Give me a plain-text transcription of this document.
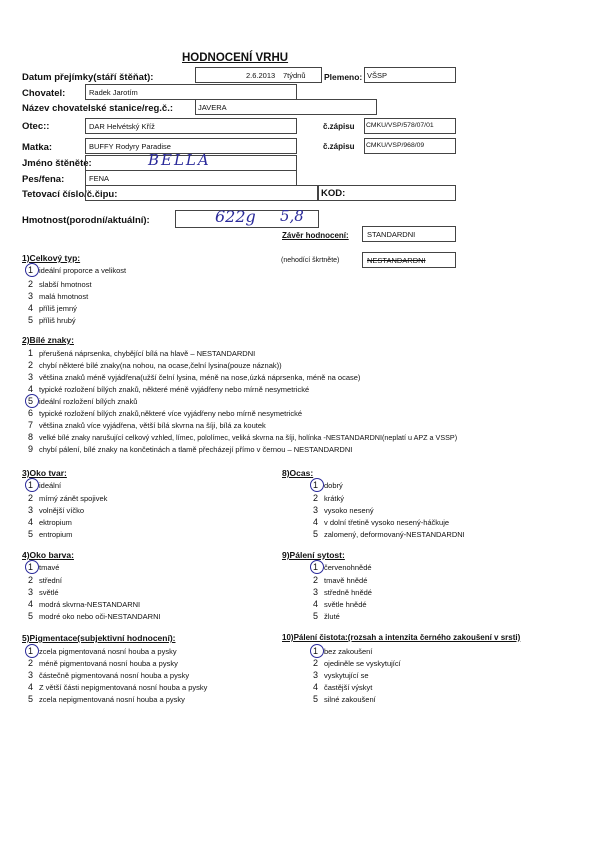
HODNOCENÍ VRHU
Datum přejímky(stáří štěňat):	2.6.2013 7týdnů Plemeno: VŠSP
Chovatel:	Radek Jarotím
Název chovatelské stanice/reg.č.:	JAVERA
Otec::	DAR Helvétský Kříž	č.zápisu CMKU/VSP/578/07/01
Matka:	BUFFY Rodyry Paradise	č.zápisu CMKU/VSP/968/09
Jméno štěněte:	BELLA
Pes/fena:	FENA
Tetovací číslo/č.čipu:	KOD:
Hmotnost(porodní/aktuální):	622g 5,8
Závěr hodnocení: STANDARDNI
(nehodící škrtněte)	NESTANDARDNI
1)Celkový typ:
1 ideální proporce a velikost
2 slabší hmotnost
3 malá hmotnost
4 příliš jemný
5 příliš hrubý
2)Bílé znaky:
1 přerušená náprsenka, chybějící bílá na hlavě – NESTANDARDNI
2 chybí některé bílé znaky(na nohou, na ocase,čelní lysina(pouze náznak))
3 většina znaků méně vyjádřena(užší čelní lysina, méně na nose,úzká náprsenka, méně na ocase)
4 typické rozložení bílých znaků, některé méně vyjádřeny nebo mírně nesymetrické
5 ideální rozložení bílých znaků
6 typické rozložení bílých znaků,některé více vyjádřeny nebo mírně nesymetrické
7 většina znaků více vyjádřena, větší bílá skvrna na šíji, bílá za koutek
8 velké bílé znaky narušující celkový vzhled, límec, pololímec, veliká skvrna na šíji, holínka -NESTANDARDNI(neplatí u APZ a VSSP)
9 chybí pálení, bílé znaky na končetinách a tlamě přecházejí přímo v černou – NESTANDARDNI
3)Oko tvar:
1 ideální
2 mírný zánět spojivek
3 volnější víčko
4 ektropium
5 entropium
8)Ocas:
1 dobrý
2 krátký
3 vysoko nesený
4 v dolní třetině vysoko nesený-háčkuje
5 zalomený, deformovaný-NESTANDARDNI
4)Oko barva:
1 tmavé
2 střední
3 světlé
4 modrá skvrna-NESTANDARNI
5 modré oko nebo oči-NESTANDARNI
9)Pálení sytost:
1 červenohnědé
2 tmavě hnědé
3 středně hnědé
4 světle hnědé
5 žluté
5)Pigmentace(subjektivní hodnocení):
1 zcela pigmentovaná nosní houba a pysky
2 méně pigmentovaná nosní houba a pysky
3 částečně pigmentovaná nosní houba a pysky
4 Z větší části nepigmentovaná nosní houba a pysky
5 zcela nepigmentovaná nosní houba a pysky
10)Pálení čistota:(rozsah a intenzita černého zakoušení v srsti)
1 bez zakoušení
2 ojediněle se vyskytující
3 vyskytující se
4 častější výskyt
5 silné zakoušení
